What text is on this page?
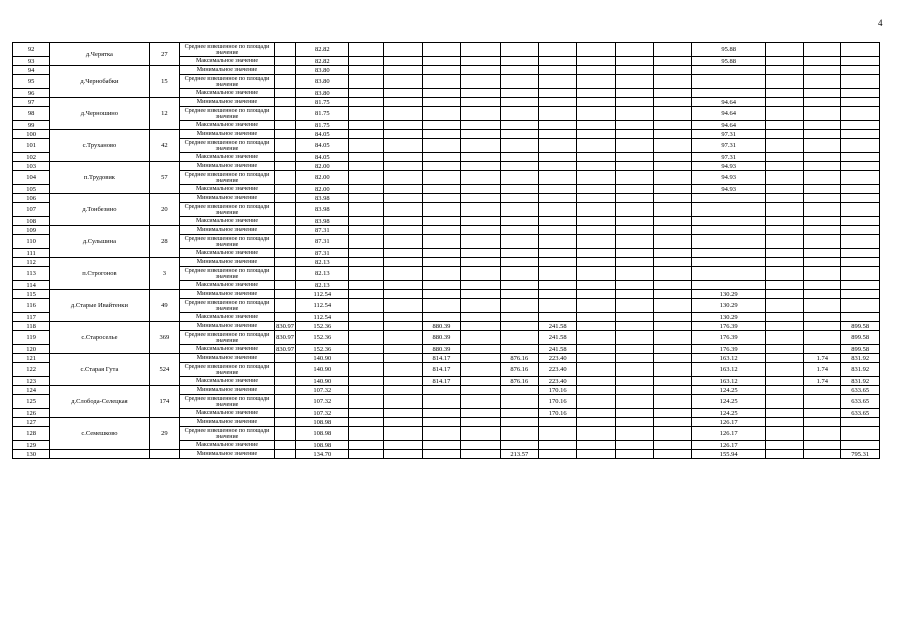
4
92	д.Черятка	27	Среднее взвешенное по площади значение		82.82										95.88			
93			Максимальное значение		82.82										95.88			
94	д.Чернобабки	15	Минимальное значение		83.80													
95			Среднее взвешенное по площади значение		83.80													
96			Максимальное значение		83.80													
97	д.Черношино	12	Минимальное значение		81.75										94.64			
98			Среднее взвешенное по площади значение		81.75										94.64			
99			Максимальное значение		81.75										94.64			
100	с.Труханово	42	Минимальное значение		84.05										97.31			
101			Среднее взвешенное по площади значение		84.05										97.31			
102			Максимальное значение		84.05										97.31			
103	п.Трудовик	57	Минимальное значение		82.00										94.93			
104			Среднее взвешенное по площади значение		82.00										94.93			
105			Максимальное значение		82.00										94.93			
106	д.Тонбезино	20	Минимальное значение		83.98													
107			Среднее взвешенное по площади значение		83.98													
108			Максимальное значение		83.98													
109	д.Сульшина	28	Минимальное значение		87.31													
110			Среднее взвешенное по площади значение		87.31													
111			Максимальное значение		87.31													
112	п.Строгонов	3	Минимальное значение		82.13													
113			Среднее взвешенное по площади значение		82.13													
114			Максимальное значение		82.13													
115	д.Старые Ивайтенки	49	Минимальное значение		112.54										130.29			
116			Среднее взвешенное по площади значение		112.54										130.29			
117			Максимальное значение		112.54										130.29			
118	с.Староселье	369	Минимальное значение	830.97	152.36			880.39			241.58				176.39			899.58
119			Среднее взвешенное по площади значение	830.97	152.36			880.39			241.58				176.39			899.58
120			Максимальное значение	830.97	152.36			880.39			241.58				176.39			899.58
121	с.Старая Гута	524	Минимальное значение		140.90			814.17		876.16	223.40				163.12		1.74	831.92
122			Среднее взвешенное по площади значение		140.90			814.17		876.16	223.40				163.12		1.74	831.92
123			Максимальное значение		140.90			814.17		876.16	223.40				163.12		1.74	831.92
124	д.Слобода-Селецкая	174	Минимальное значение		107.32						170.16				124.25			633.65
125			Среднее взвешенное по площади значение		107.32						170.16				124.25			633.65
126			Максимальное значение		107.32						170.16				124.25			633.65
127	с.Семешково	29	Минимальное значение		108.98										126.17			
128			Среднее взвешенное по площади значение		108.98										126.17			
129			Максимальное значение		108.98										126.17			
130			Минимальное значение		134.70					213.57					155.94			795.31
